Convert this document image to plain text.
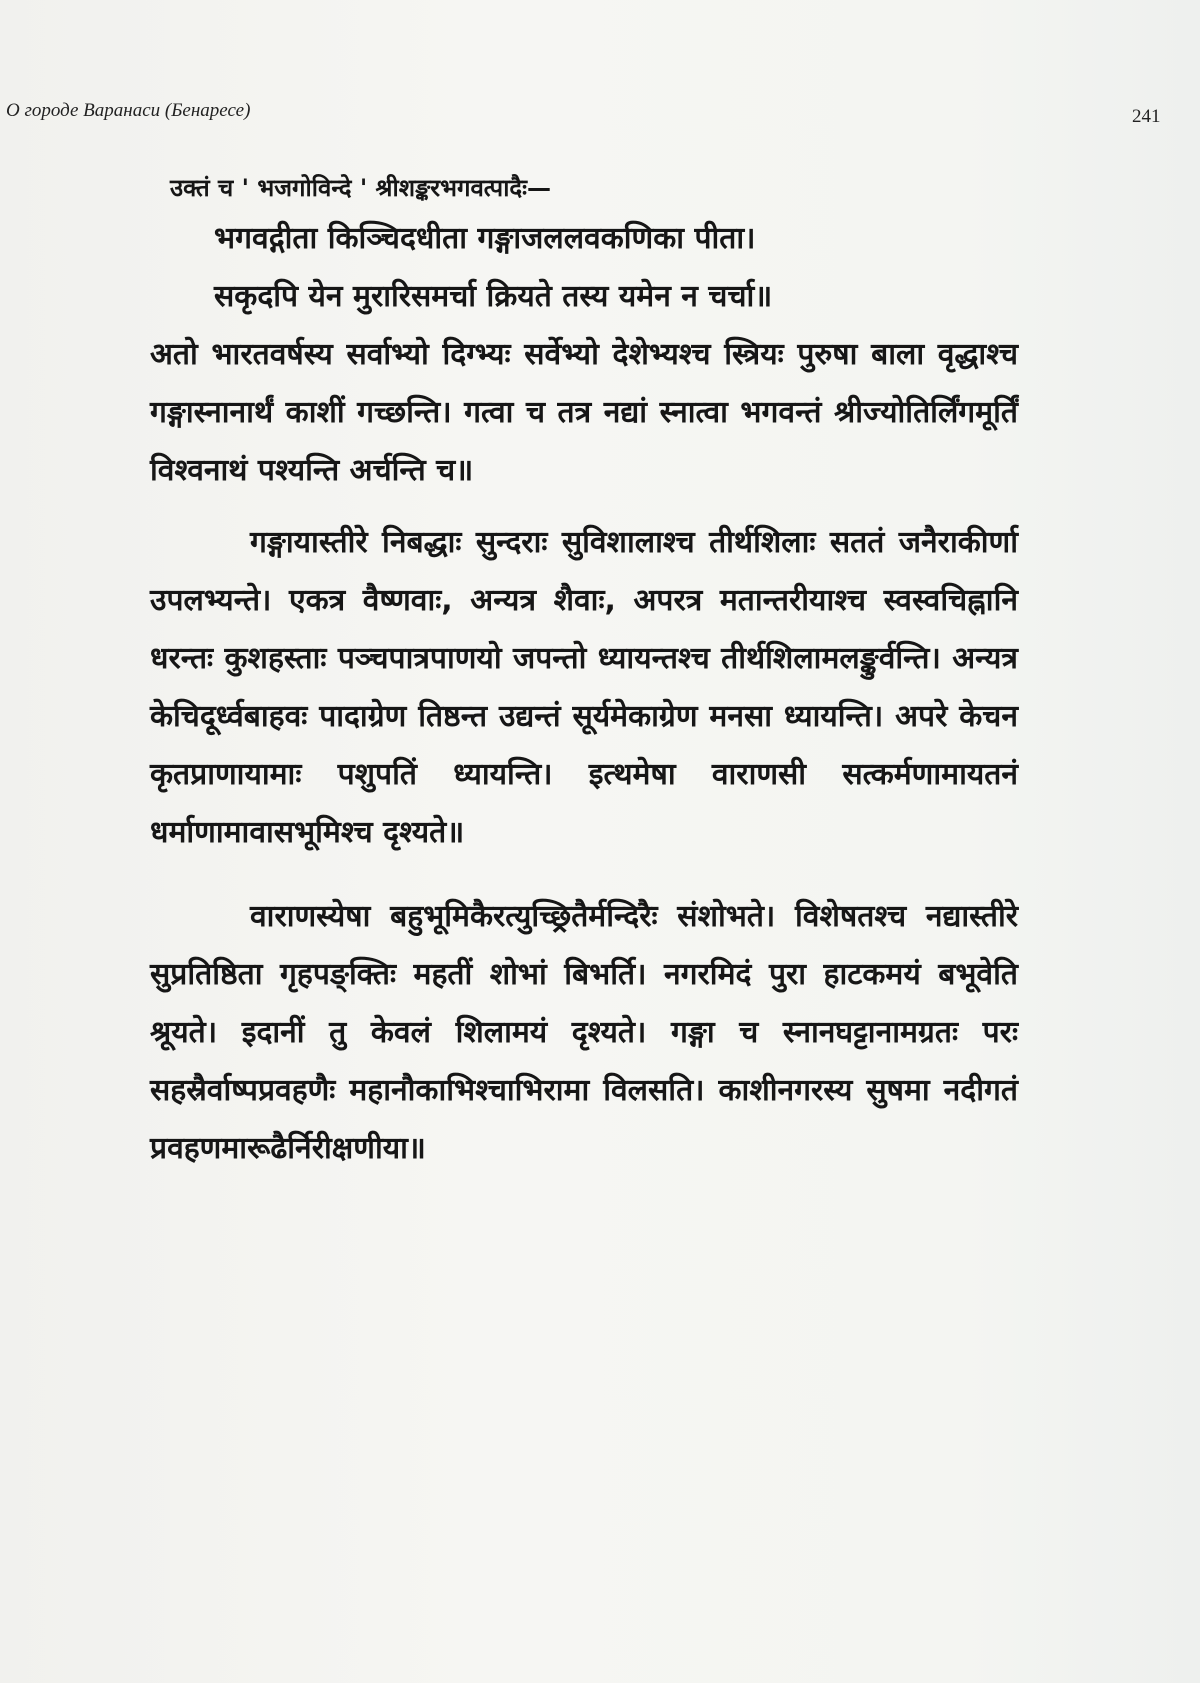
О городе Варанаси (Бенаресе)	241

उक्तं च ' भजगोविन्दे ' श्रीशङ्करभगवत्पादैः—

भगवद्गीता किञ्चिदधीता गङ्गाजललवकणिका पीता।
सकृदपि येन मुरारिसमर्चा क्रियते तस्य यमेन न चर्चा॥

अतो भारतवर्षस्य सर्वाभ्यो दिग्भ्यः सर्वेभ्यो देशेभ्यश्च स्त्रियः पुरुषा बाला वृद्धाश्च गङ्गास्नानार्थं काशीं गच्छन्ति। गत्वा च तत्र नद्यां स्नात्वा भगवन्तं श्रीज्योतिर्लिंगमूर्तिं विश्वनाथं पश्यन्ति अर्चन्ति च॥

गङ्गायास्तीरे निबद्धाः सुन्दराः सुविशालाश्च तीर्थशिलाः सततं जनैराकीर्णा उपलभ्यन्ते। एकत्र वैष्णवाः, अन्यत्र शैवाः, अपरत्र मतान्तरीयाश्च स्वस्वचिह्नानि धरन्तः कुशहस्ताः पञ्चपात्रपाणयो जपन्तो ध्यायन्तश्च तीर्थशिलामलङ्कुर्वन्ति। अन्यत्र केचिदूर्ध्वबाहवः पादाग्रेण तिष्ठन्त उद्यन्तं सूर्यमेकाग्रेण मनसा ध्यायन्ति। अपरे केचन कृतप्राणायामाः पशुपतिं ध्यायन्ति। इत्थमेषा वाराणसी सत्कर्मणामायतनं धर्माणामावासभूमिश्च दृश्यते॥

वाराणस्येषा बहुभूमिकैरत्युच्छ्रितैर्मन्दिरैः संशोभते। विशेषतश्च नद्यास्तीरे सुप्रतिष्ठिता गृहपङ्क्तिः महतीं शोभां बिभर्ति। नगरमिदं पुरा हाटकमयं बभूवेति श्रूयते। इदानीं तु केवलं शिलामयं दृश्यते। गङ्गा च स्नानघट्टानामग्रतः परः सहस्रैर्वाष्पप्रवहणैः महानौकाभिश्चाभिरामा विलसति। काशीनगरस्य सुषमा नदीगतं प्रवहणमारूढैर्निरीक्षणीया॥
